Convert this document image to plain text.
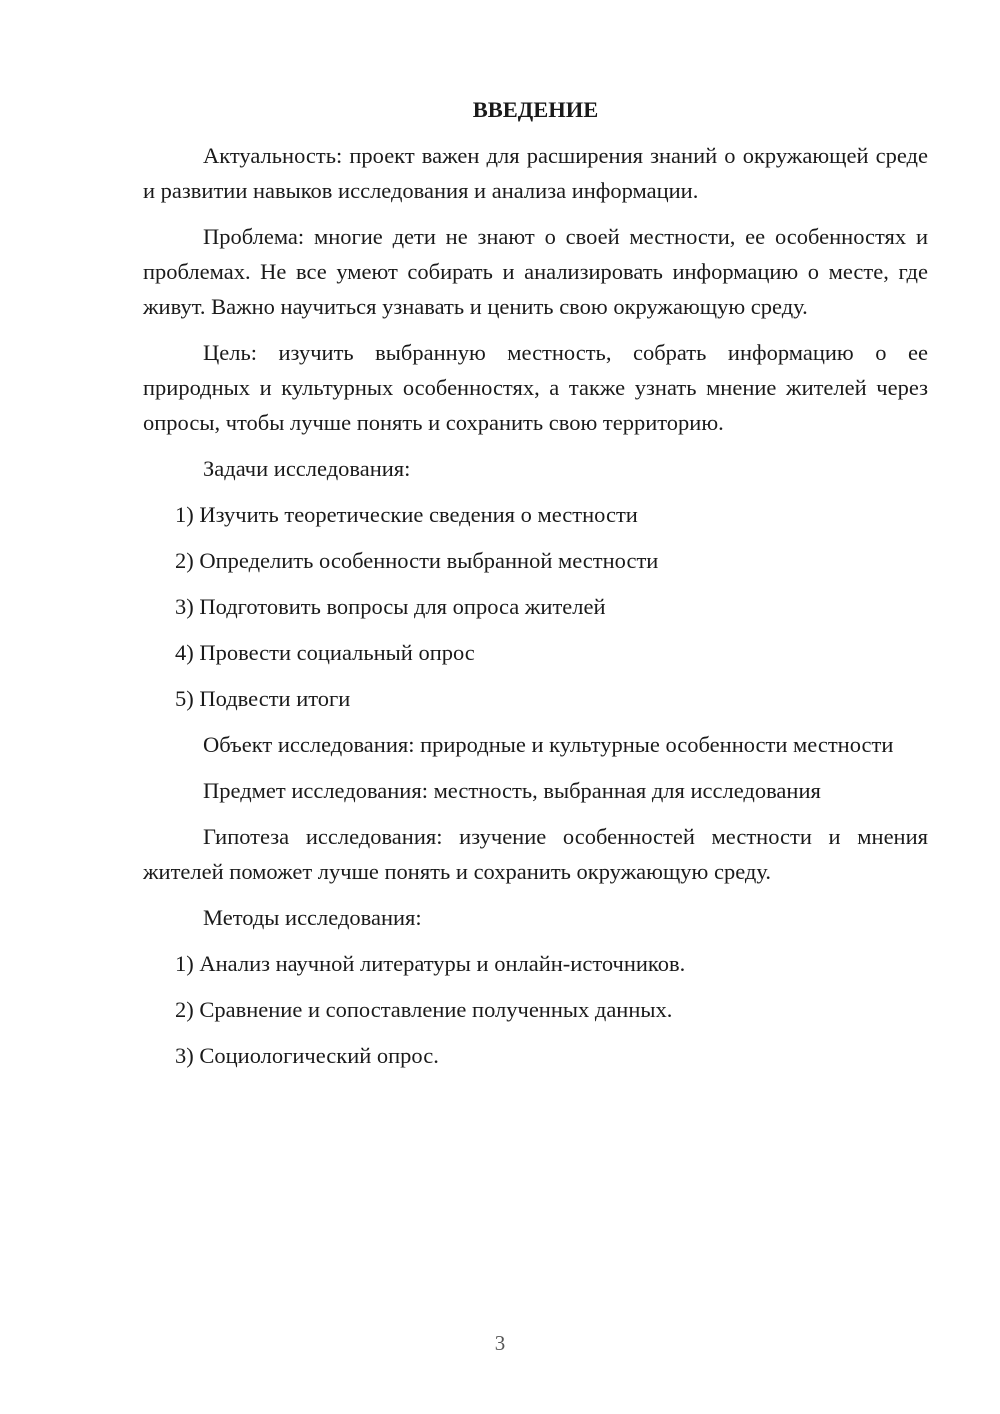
ВВЕДЕНИЕ

Актуальность: проект важен для расширения знаний о окружающей среде и развитии навыков исследования и анализа информации.

Проблема: многие дети не знают о своей местности, ее особенностях и проблемах. Не все умеют собирать и анализировать информацию о месте, где живут. Важно научиться узнавать и ценить свою окружающую среду.

Цель: изучить выбранную местность, собрать информацию о ее природных и культурных особенностях, а также узнать мнение жителей через опросы, чтобы лучше понять и сохранить свою территорию.

Задачи исследования:

1) Изучить теоретические сведения о местности
2) Определить особенности выбранной местности
3) Подготовить вопросы для опроса жителей
4) Провести социальный опрос
5) Подвести итоги

Объект исследования: природные и культурные особенности местности

Предмет исследования: местность, выбранная для исследования

Гипотеза исследования: изучение особенностей местности и мнения жителей поможет лучше понять и сохранить окружающую среду.

Методы исследования:

1) Анализ научной литературы и онлайн-источников.
2) Сравнение и сопоставление полученных данных.
3) Социологический опрос.
3
